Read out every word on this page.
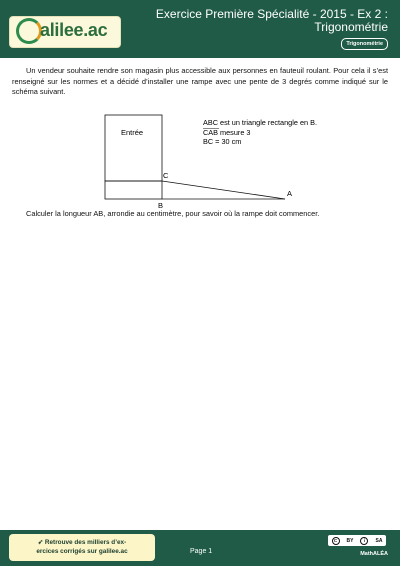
alilee.ac
Exercice Première Spécialité - 2015 - Ex 2 : Trigonométrie
Trigonométrie

Un vendeur souhaite rendre son magasin plus accessible aux personnes en fauteuil roulant. Pour cela il s’est renseigné sur les normes et a décidé d’installer une rampe avec une pente de 3 degrés comme indiqué sur le schéma suivant.

Entrée
C
B
A
ABC est un triangle rectangle en B.
CAB mesure 3
BC = 30 cm

Calculer la longueur AB, arrondie au centimètre, pour savoir où la rampe doit commencer.

➶ Retrouve des milliers d’ex-
ercices corrigés sur galilee.ac	Page 1
C	BY	i	SA
MathALÉA
